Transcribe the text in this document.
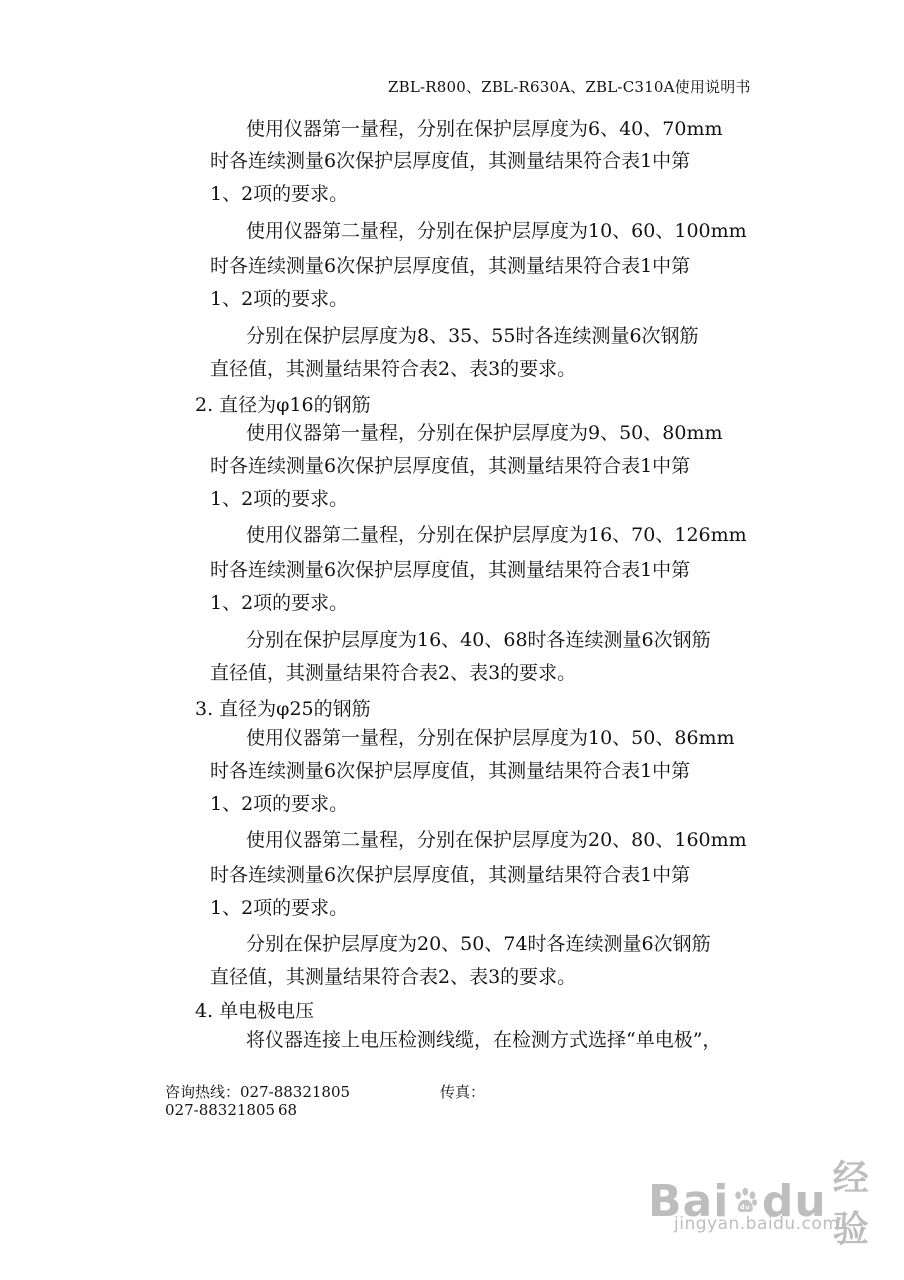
ZBL-R800、ZBL-R630A、ZBL-C310A使用说明书
使用仪器第一量程，分别在保护层厚度为6、40、70mm
时各连续测量6次保护层厚度值，其测量结果符合表1中第
1、2项的要求。
使用仪器第二量程，分别在保护层厚度为10、60、100mm
时各连续测量6次保护层厚度值，其测量结果符合表1中第
1、2项的要求。
分别在保护层厚度为8、35、55时各连续测量6次钢筋
直径值，其测量结果符合表2、表3的要求。
2. 直径为φ16的钢筋
使用仪器第一量程，分别在保护层厚度为9、50、80mm
时各连续测量6次保护层厚度值，其测量结果符合表1中第
1、2项的要求。
使用仪器第二量程，分别在保护层厚度为16、70、126mm
时各连续测量6次保护层厚度值，其测量结果符合表1中第
1、2项的要求。
分别在保护层厚度为16、40、68时各连续测量6次钢筋
直径值，其测量结果符合表2、表3的要求。
3. 直径为φ25的钢筋
使用仪器第一量程，分别在保护层厚度为10、50、86mm
时各连续测量6次保护层厚度值，其测量结果符合表1中第
1、2项的要求。
使用仪器第二量程，分别在保护层厚度为20、80、160mm
时各连续测量6次保护层厚度值，其测量结果符合表1中第
1、2项的要求。
分别在保护层厚度为20、50、74时各连续测量6次钢筋
直径值，其测量结果符合表2、表3的要求。
4. 单电极电压
将仪器连接上电压检测线缆，在检测方式选择“单电极”，
咨询热线：027-88321805	传真：
027-88321805 68
Bai du du 经验
jingyan.baidu.com
